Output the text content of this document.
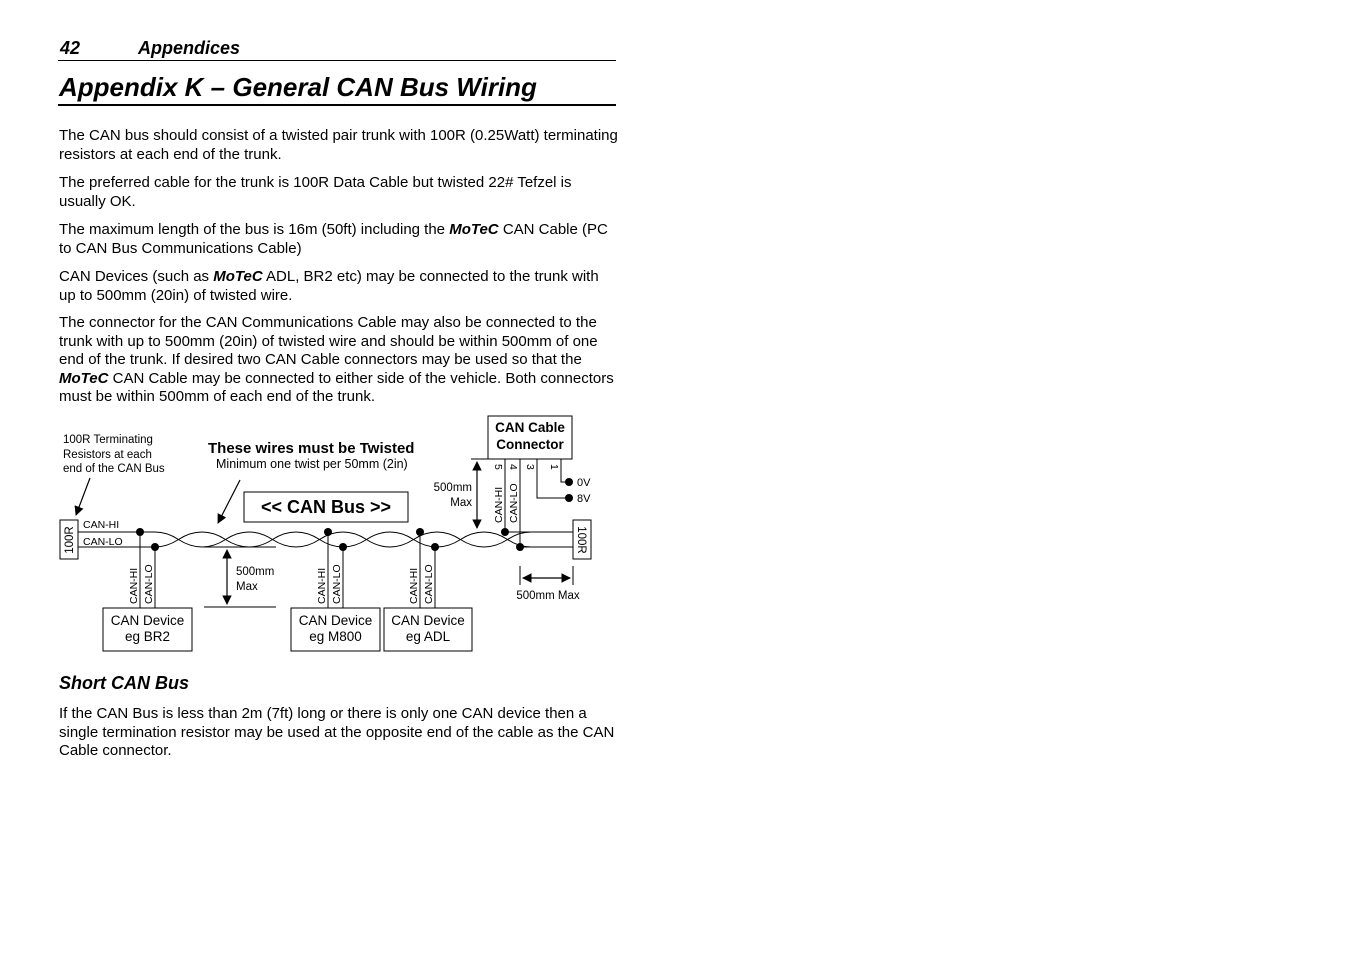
42	Appendices
Appendix K – General CAN Bus Wiring

The CAN bus should consist of a twisted pair trunk with 100R (0.25Watt) terminating resistors at each end of the trunk.

The preferred cable for the trunk is 100R Data Cable but twisted 22# Tefzel is usually OK.

The maximum length of the bus is 16m (50ft) including the MoTeC CAN Cable (PC to CAN Bus Communications Cable)

CAN Devices (such as MoTeC ADL, BR2 etc) may be connected to the trunk with up to 500mm (20in) of twisted wire.

The connector for the CAN Communications Cable may also be connected to the trunk with up to 500mm (20in) of twisted wire and should be within 500mm of one end of the trunk. If desired two CAN Cable connectors may be used so that the MoTeC CAN Cable may be connected to either side of the vehicle. Both connectors must be within 500mm of each end of the trunk.

100R Terminating
Resistors at each
end of the CAN Bus
These wires must be Twisted
Minimum one twist per 50mm (2in)
<< CAN Bus >>
100R
CAN-HI
CAN-LO	100R
CAN-HI CAN-LO	CAN-HI CAN-LO	CAN-HI CAN-LO
CAN Device
eg BR2
CAN Device
eg M800
CAN Device
eg ADL
500mm
Max
CAN Cable
Connector
5 4 3 1
CAN-HI CAN-LO
0V
8V
500mm
Max
500mm Max
Short CAN Bus

If the CAN Bus is less than 2m (7ft) long or there is only one CAN device then a single termination resistor may be used at the opposite end of the cable as the CAN Cable connector.
